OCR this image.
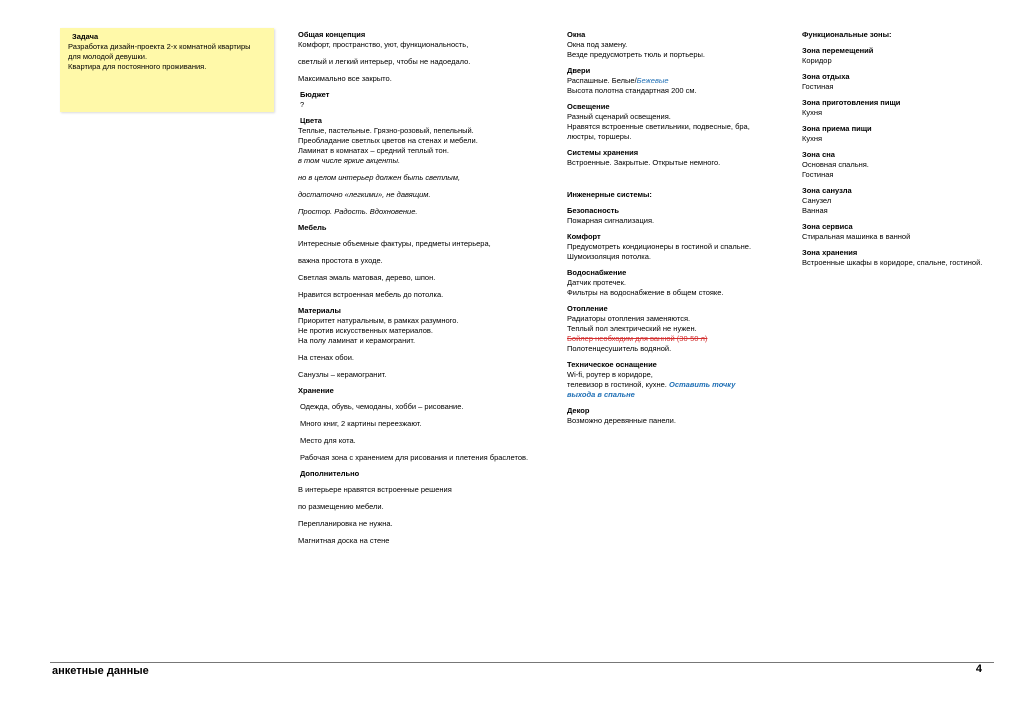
Задача
Разработка дизайн-проекта 2-х комнатной квартиры
для молодой девушки.
Квартира для постоянного проживания.
Общая концепция
Комфорт, пространство, уют, функциональность,
светлый и легкий интерьер, чтобы не надоедало.
Максимально все закрыто.
Бюджет
?
Цвета
Теплые, пастельные. Грязно-розовый, пепельный.
Преобладание светлых цветов на стенах и мебели.
Ламинат в комнатах – средний теплый тон.
в том числе яркие акценты.
но в целом интерьер должен быть светлым,
достаточно «легкими», не давящим.
Простор. Радость. Вдохновение.
Мебель
Интересные объемные фактуры, предметы интерьера,
важна простота в уходе.
Светлая эмаль матовая, дерево, шпон.
Нравится встроенная мебель до потолка.
Материалы
Приоритет натуральным, в рамках разумного.
Не против искусственных материалов.
На полу ламинат и керамогранит.
На стенах обои.
Санузлы – керамогранит.
Хранение
Одежда, обувь, чемоданы, хобби – рисование.
Много книг, 2 картины переезжают.
Место для кота.
Рабочая зона с хранением для рисования и плетения браслетов.
Дополнительно
В интерьере нравятся встроенные решения
по размещению мебели.
Перепланировка не нужна.
Магнитная доска на стене
Окна
Окна под замену.
Везде предусмотреть тюль и портьеры.
Двери
Распашные. Белые/Бежевые
Высота полотна стандартная 200 см.
Освещение
Разный сценарий освещения.
Нравятся встроенные светильники, подвесные, бра,
люстры, торшеры.
Системы хранения
Встроенные. Закрытые. Открытые немного.
Инженерные системы:
Безопасность
Пожарная сигнализация.
Комфорт
Предусмотреть кондиционеры в гостиной и спальне.
Шумоизоляция потолка.
Водоснабжение
Датчик протечек.
Фильтры на водоснабжение в общем стояке.
Отопление
Радиаторы отопления заменяются.
Теплый пол электрический не нужен.
Бойлер необходим для ванной (30-50 л)
Полотенцесушитель водяной.
Техническое оснащение
Wi-fi, роутер в коридоре,
телевизор в гостиной, кухне. Оставить точку
выхода в спальне
Декор
Возможно деревянные панели.
Функциональные зоны:
Зона перемещений
Коридор
Зона отдыха
Гостиная
Зона приготовления пищи
Кухня
Зона приема пищи
Кухня
Зона сна
Основная спальня.
Гостиная
Зона санузла
Санузел
Ванная
Зона сервиса
Стиральная машинка в ванной
Зона хранения
Встроенные шкафы в коридоре, спальне, гостиной.
анкетные данные	4
